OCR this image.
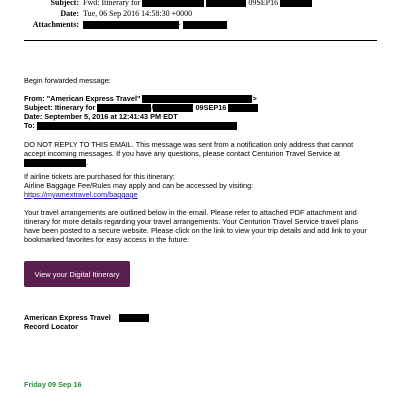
Subject: Fwd: Itinerary for	09SEP16
Date: Tue, 06 Sep 2016 14:58:30 +0000
Attachments:	-
Begin forwarded message:
From: "American Express Travel"	>
Subject: Itinerary for	/	09SEP16
Date: September 5, 2016 at 12:41:43 PM EDT
To:
DO NOT REPLY TO THIS EMAIL. This message was sent from a notification only address that cannot accept incoming messages. If you have any questions, please contact Centurion Travel Service at .
If airline tickets are purchased for this itinerary:
Airline Baggage Fee/Rules may apply and can be accessed by visiting:
https://myamextravel.com/baggage
Your travel arrangements are outlined below in the email. Please refer to attached PDF attachment and itinerary for more details regarding your travel arrangements. Your Centurion Travel Service travel plans have been posted to a secure website. Please click on the link to view your trip details and add link to your bookmarked favorites for easy access in the future:
View your Digital Itinerary
American Express Travel
Record Locator
Friday 09 Sep 16
